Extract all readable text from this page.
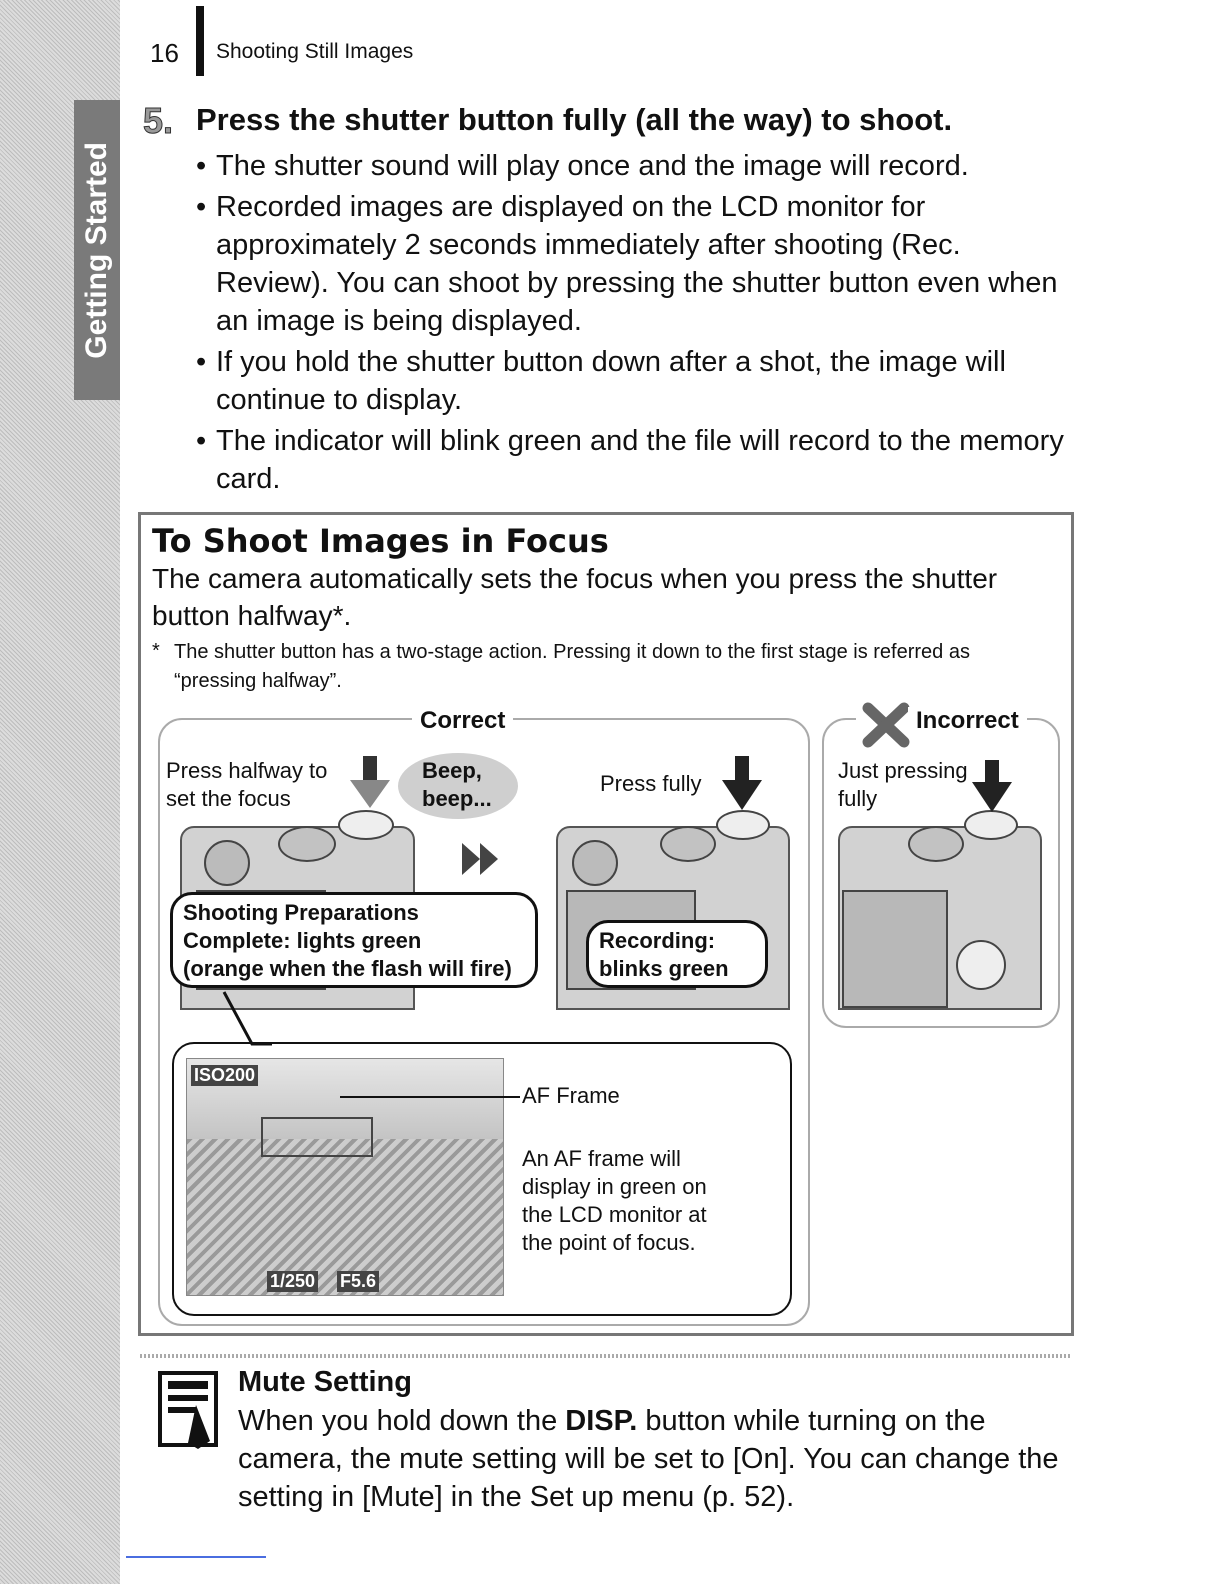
Getting Started
16 Shooting Still Images
5. Press the shutter button fully (all the way) to shoot.
• The shutter sound will play once and the image will record.
• Recorded images are displayed on the LCD monitor for approximately 2 seconds immediately after shooting (Rec. Review). You can shoot by pressing the shutter button even when an image is being displayed.
• If you hold the shutter button down after a shot, the image will continue to display.
• The indicator will blink green and the file will record to the memory card.
To Shoot Images in Focus
The camera automatically sets the focus when you press the shutter button halfway*.
* The shutter button has a two-stage action. Pressing it down to the first stage is referred as “pressing halfway”.
Correct	Incorrect
Press halfway to
set the focus
Beep,
beep...
Shooting Preparations
Complete: lights green
(orange when the flash will fire)
Press fully
Recording:
blinks green
Just pressing
fully
ISO200
1/250 F5.6
AF Frame
An AF frame will
display in green on
the LCD monitor at
the point of focus.
Mute Setting
When you hold down the DISP. button while turning on the camera, the mute setting will be set to [On]. You can change the setting in [Mute] in the Set up menu (p. 52).
